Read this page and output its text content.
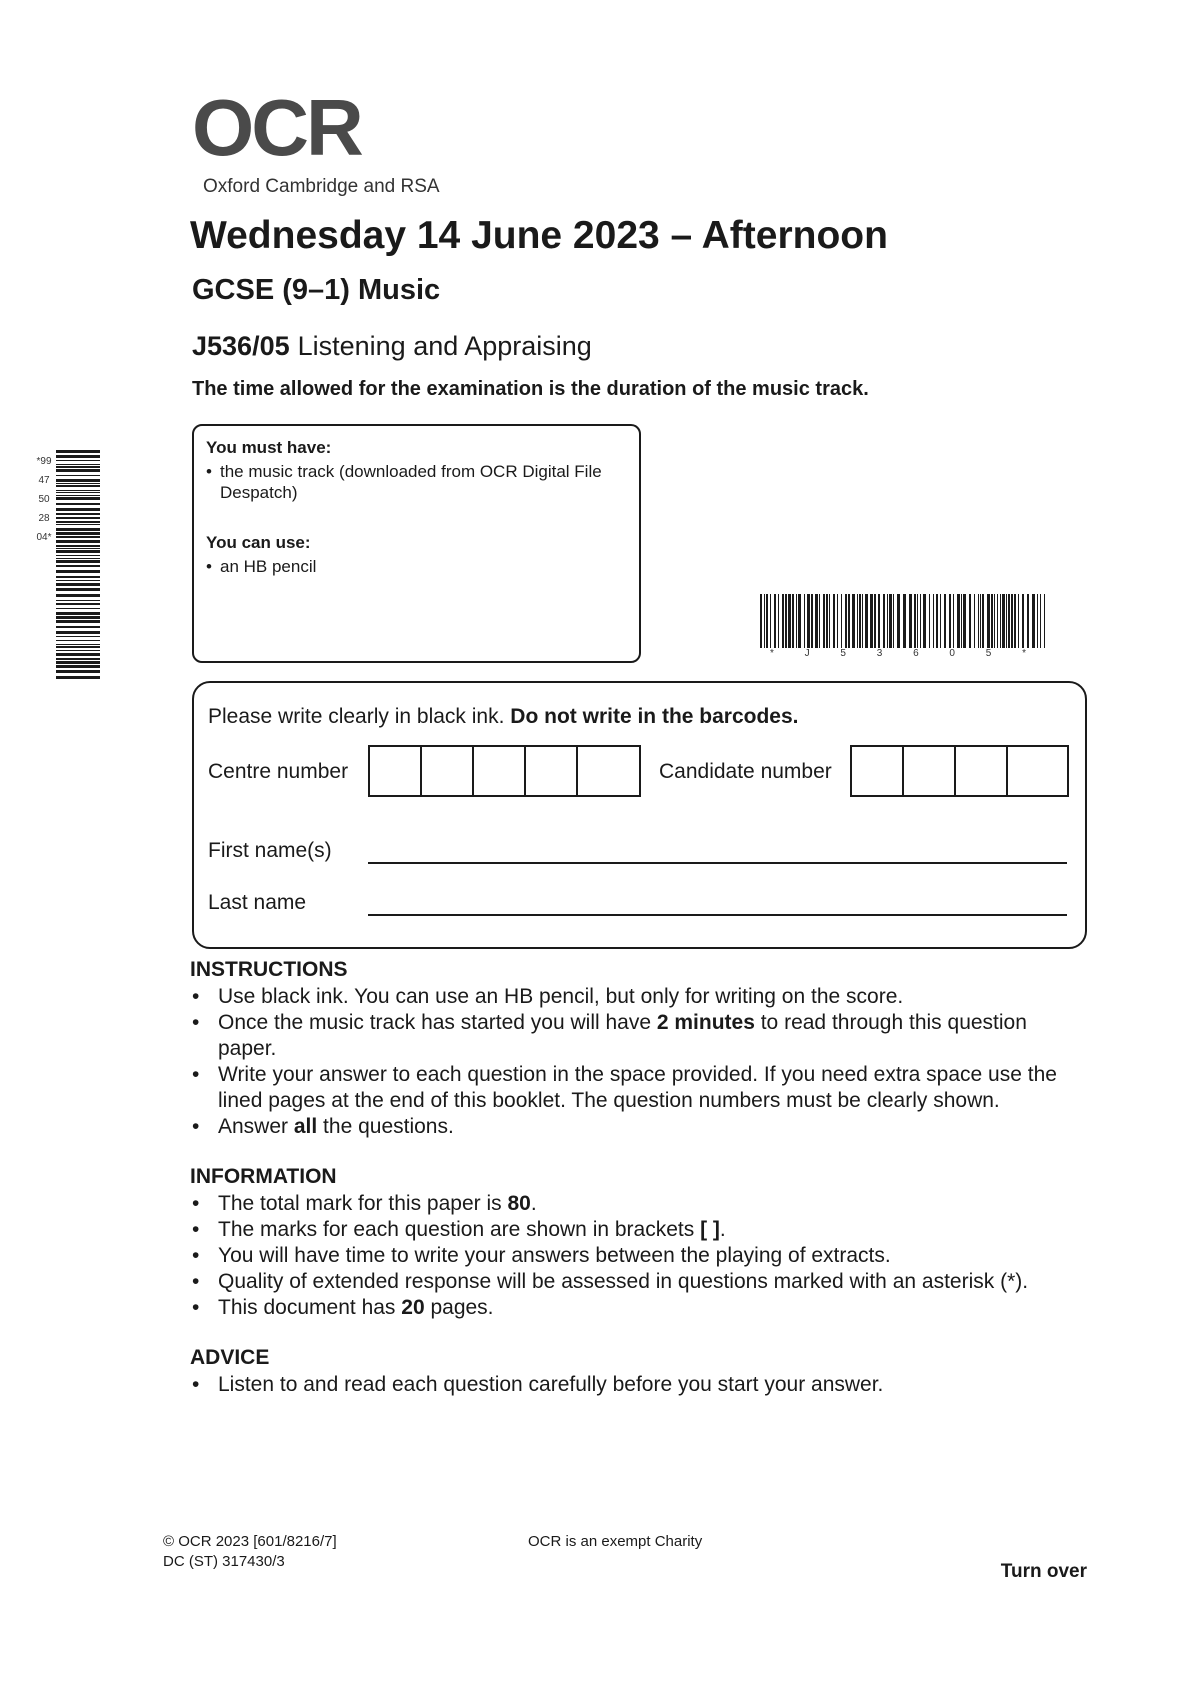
OCR
Oxford Cambridge and RSA
Wednesday 14 June 2023 – Afternoon
GCSE (9–1) Music
J536/05 Listening and Appraising
The time allowed for the examination is the duration of the music track.
*9947502804*
You must have:
• the music track (downloaded from OCR Digital File Despatch)
You can use:
• an HB pencil
* J 5 3 6 0 5 *
Please write clearly in black ink. Do not write in the barcodes.
Centre number	Candidate number
First name(s)
Last name
INSTRUCTIONS
• Use black ink. You can use an HB pencil, but only for writing on the score.
• Once the music track has started you will have 2 minutes to read through this question paper.
• Write your answer to each question in the space provided. If you need extra space use the lined pages at the end of this booklet. The question numbers must be clearly shown.
• Answer all the questions.
INFORMATION
• The total mark for this paper is 80.
• The marks for each question are shown in brackets [ ].
• You will have time to write your answers between the playing of extracts.
• Quality of extended response will be assessed in questions marked with an asterisk (*).
• This document has 20 pages.
ADVICE
• Listen to and read each question carefully before you start your answer.
© OCR 2023 [601/8216/7]
DC (ST) 317430/3
OCR is an exempt Charity
Turn over
